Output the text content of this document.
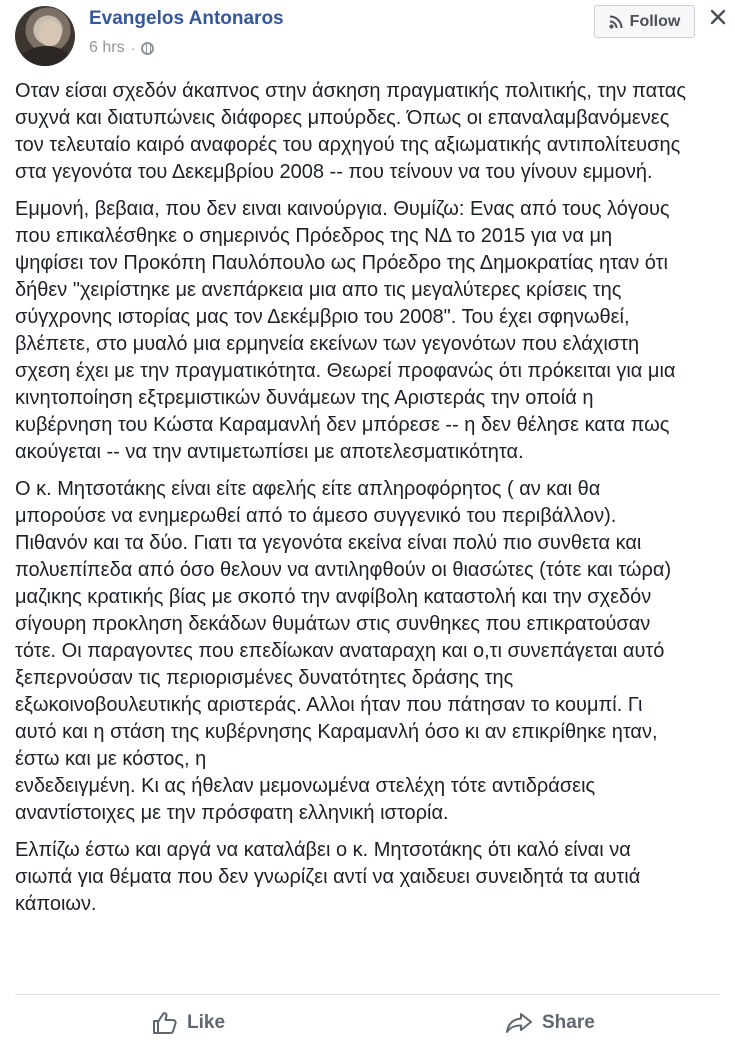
Evangelos Antonaros
6 hrs ·
Follow

Οταν είσαι σχεδόν άκαπνος στην άσκηση πραγματικής πολιτικής, την πατας
συχνά και διατυπώνεις διάφορες μπούρδες. Όπως οι επαναλαμβανόμενες
τον τελευταίο καιρό αναφορές του αρχηγού της αξιωματικής αντιπολίτευσης
στα γεγονότα του Δεκεμβρίου 2008 -- που τείνουν να του γίνουν εμμονή.

Εμμονή, βεβαια, που δεν ειναι καινούργια. Θυμίζω: Ενας από τους λόγους
που επικαλέσθηκε ο σημερινός Πρόεδρος της ΝΔ το 2015 για να μη
ψηφίσει τον Προκόπη Παυλόπουλο ως Πρόεδρο της Δημοκρατίας ηταν ότι
δήθεν "χειρίστηκε με ανεπάρκεια μια απο τις μεγαλύτερες κρίσεις της
σύγχρονης ιστορίας μας τον Δεκέμβριο του 2008". Του έχει σφηνωθεί,
βλέπετε, στο μυαλό μια ερμηνεία εκείνων των γεγονότων που ελάχιστη
σχεση έχει με την πραγματικότητα. Θεωρεί προφανώς ότι πρόκειται για μια
κινητοποίηση εξτρεμιστικών δυνάμεων της Αριστεράς την οποίά η
κυβέρνηση του Κώστα Καραμανλή δεν μπόρεσε -- η δεν θέλησε κατα πως
ακούγεται -- να την αντιμετωπίσει με αποτελεσματικότητα.

Ο κ. Μητσοτάκης είναι είτε αφελής είτε απληροφόρητος ( αν και θα
μπορούσε να ενημερωθεί από το άμεσο συγγενικό του περιβάλλον).
Πιθανόν και τα δύο. Γιατι τα γεγονότα εκείνα είναι πολύ πιο συνθετα και
πολυεπίπεδα από όσο θελουν να αντιληφθούν οι θιασώτες (τότε και τώρα)
μαζικης κρατικής βίας με σκοπό την ανφίβολη καταστολή και την σχεδόν
σίγουρη προκληση δεκάδων θυμάτων στις συνθηκες που επικρατούσαν
τότε. Οι παραγοντες που επεδίωκαν αναταραχη και ο,τι συνεπάγεται αυτό
ξεπερνούσαν τις περιορισμένες δυνατότητες δράσης της
εξωκοινοβουλευτικής αριστεράς. Αλλοι ήταν που πάτησαν το κουμπί. Γι
αυτό και η στάση της κυβέρνησης Καραμανλή όσο κι αν επικρίθηκε ηταν,
έστω και με κόστος, η
ενδεδειγμένη. Κι ας ήθελαν μεμονωμένα στελέχη τότε αντιδράσεις
αναντίστοιχες με την πρόσφατη ελληνική ιστορία.

Ελπίζω έστω και αργά να καταλάβει ο κ. Μητσοτάκης ότι καλό είναι να
σιωπά για θέματα που δεν γνωρίζει αντί να χαιδευει συνειδητά τα αυτιά
κάποιων.

Like	Share
